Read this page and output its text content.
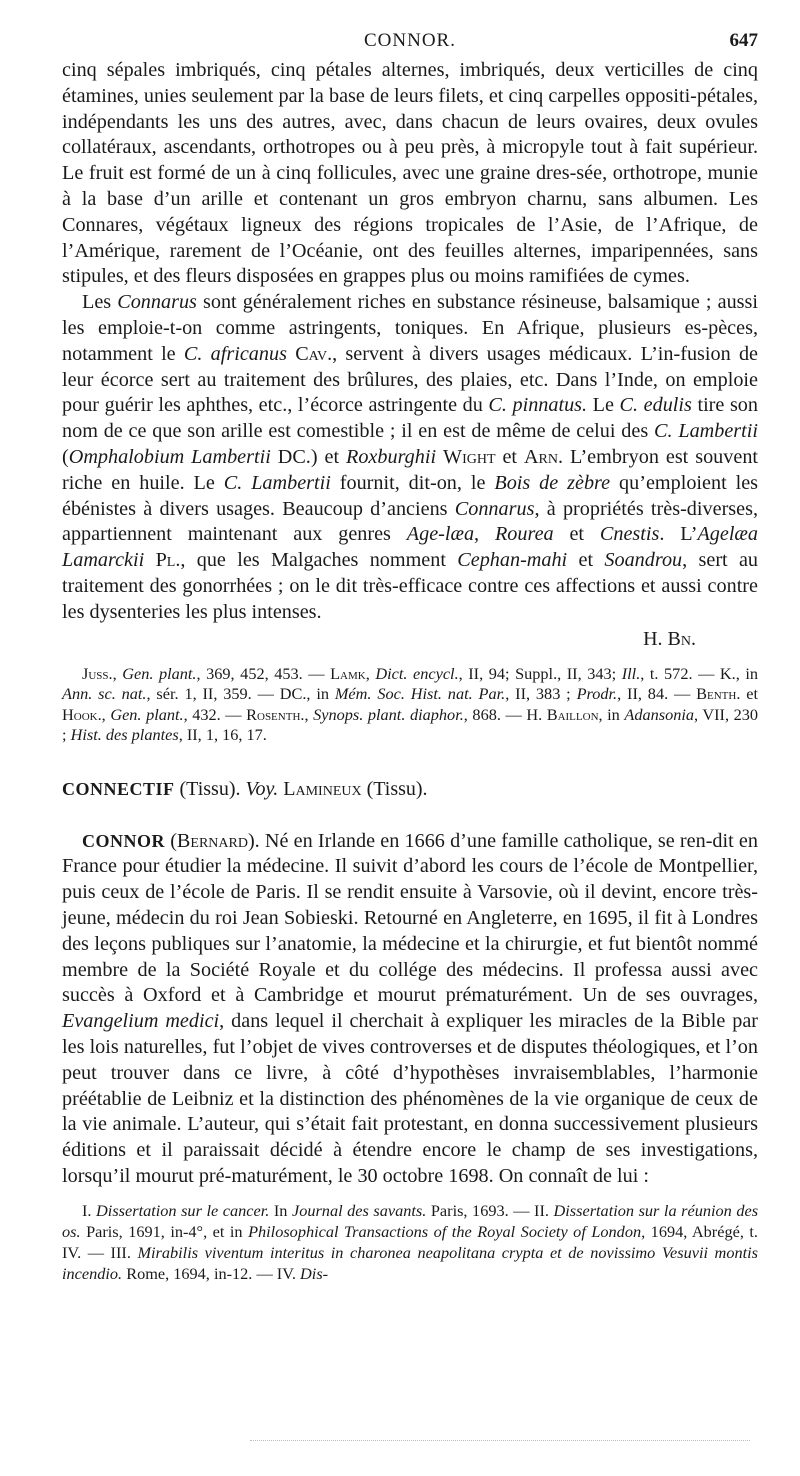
CONNOR.	647

cinq sépales imbriqués, cinq pétales alternes, imbriqués, deux verticilles de cinq étamines, unies seulement par la base de leurs filets, et cinq carpelles oppositi-pétales, indépendants les uns des autres, avec, dans chacun de leurs ovaires, deux ovules collatéraux, ascendants, orthotropes ou à peu près, à micropyle tout à fait supérieur. Le fruit est formé de un à cinq follicules, avec une graine dres-sée, orthotrope, munie à la base d’un arille et contenant un gros embryon charnu, sans albumen. Les Connares, végétaux ligneux des régions tropicales de l’Asie, de l’Afrique, de l’Amérique, rarement de l’Océanie, ont des feuilles alternes, imparipennées, sans stipules, et des fleurs disposées en grappes plus ou moins ramifiées de cymes.

Les Connarus sont généralement riches en substance résineuse, balsamique ; aussi les emploie-t-on comme astringents, toniques. En Afrique, plusieurs es-pèces, notamment le C. africanus Cav., servent à divers usages médicaux. L’in-fusion de leur écorce sert au traitement des brûlures, des plaies, etc. Dans l’Inde, on emploie pour guérir les aphthes, etc., l’écorce astringente du C. pinnatus. Le C. edulis tire son nom de ce que son arille est comestible ; il en est de même de celui des C. Lambertii (Omphalobium Lambertii DC.) et Roxburghii Wight et Arn. L’embryon est souvent riche en huile. Le C. Lambertii fournit, dit-on, le Bois de zèbre qu’emploient les ébénistes à divers usages. Beaucoup d’anciens Connarus, à propriétés très-diverses, appartiennent maintenant aux genres Age-læa, Rourea et Cnestis. L’Agelæa Lamarckii Pl., que les Malgaches nomment Cephan-mahi et Soandrou, sert au traitement des gonorrhées ; on le dit très-efficace contre ces affections et aussi contre les dysenteries les plus intenses.

H. Bn.

Juss., Gen. plant., 369, 452, 453. — Lamk, Dict. encycl., II, 94; Suppl., II, 343; Ill., t. 572. — K., in Ann. sc. nat., sér. 1, II, 359. — DC., in Mém. Soc. Hist. nat. Par., II, 383 ; Prodr., II, 84. — Benth. et Hook., Gen. plant., 432. — Rosenth., Synops. plant. diaphor., 868. — H. Baillon, in Adansonia, VII, 230 ; Hist. des plantes, II, 1, 16, 17.

CONNECTIF (Tissu). Voy. Lamineux (Tissu).

CONNOR (Bernard). Né en Irlande en 1666 d’une famille catholique, se ren-dit en France pour étudier la médecine. Il suivit d’abord les cours de l’école de Montpellier, puis ceux de l’école de Paris. Il se rendit ensuite à Varsovie, où il devint, encore très-jeune, médecin du roi Jean Sobieski. Retourné en Angleterre, en 1695, il fit à Londres des leçons publiques sur l’anatomie, la médecine et la chirurgie, et fut bientôt nommé membre de la Société Royale et du collége des médecins. Il professa aussi avec succès à Oxford et à Cambridge et mourut prématurément. Un de ses ouvrages, Evangelium medici, dans lequel il cherchait à expliquer les miracles de la Bible par les lois naturelles, fut l’objet de vives controverses et de disputes théologiques, et l’on peut trouver dans ce livre, à côté d’hypothèses invraisemblables, l’harmonie préétablie de Leibniz et la distinction des phénomènes de la vie organique de ceux de la vie animale. L’auteur, qui s’était fait protestant, en donna successivement plusieurs éditions et il paraissait décidé à étendre encore le champ de ses investigations, lorsqu’il mourut pré-maturément, le 30 octobre 1698. On connaît de lui :

I. Dissertation sur le cancer. In Journal des savants. Paris, 1693. — II. Dissertation sur la réunion des os. Paris, 1691, in-4°, et in Philosophical Transactions of the Royal Society of London, 1694, Abrégé, t. IV. — III. Mirabilis viventum interitus in charonea neapolitana crypta et de novissimo Vesuvii montis incendio. Rome, 1694, in-12. — IV. Dis-
